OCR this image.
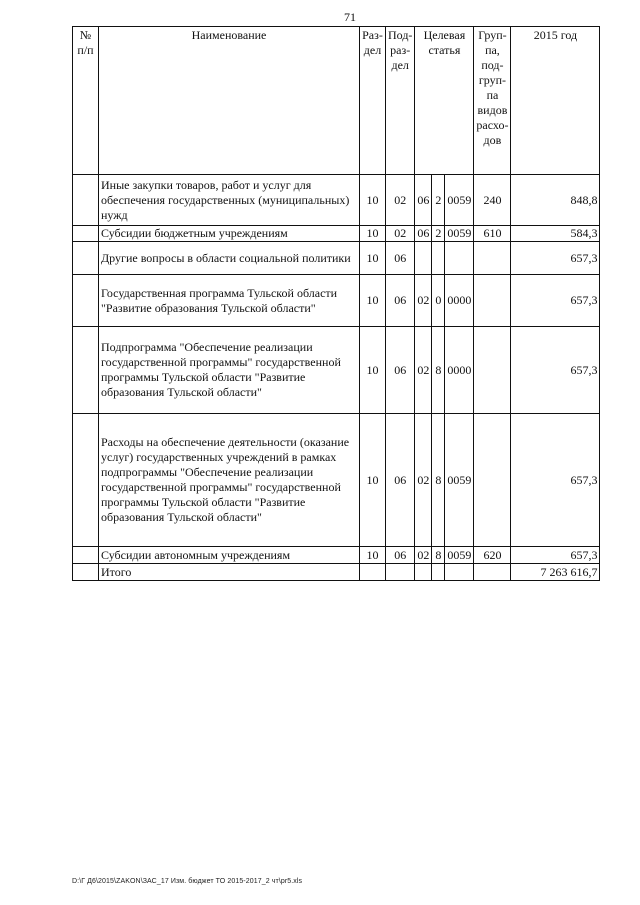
71
№ п/п	Наименование	Раз-дел	Под-раз-дел	Целевая статья			Груп-па, под-груп-па видов расхо-дов	2015 год
	Иные закупки товаров, работ и услуг для обеспечения государственных (муниципальных) нужд	10	02	06	2	0059	240	848,8
	Субсидии бюджетным учреждениям	10	02	06	2	0059	610	584,3
	Другие вопросы в области социальной политики	10	06					657,3
	Государственная программа Тульской области "Развитие образования Тульской области"	10	06	02	0	0000		657,3
	Подпрограмма "Обеспечение реализации государственной программы" государственной программы Тульской области "Развитие образования Тульской области"	10	06	02	8	0000		657,3
	Расходы на обеспечение деятельности (оказание услуг) государственных учреждений в рамках подпрограммы "Обеспечение реализации государственной программы" государственной программы Тульской области "Развитие образования Тульской области"	10	06	02	8	0059		657,3
	Субсидии автономным учреждениям	10	06	02	8	0059	620	657,3
	Итого							7 263 616,7
D:\Г Д6\2015\ZAKON\ЗАС_17 Изм. бюджет ТО 2015-2017_2 чт\pr5.xls
